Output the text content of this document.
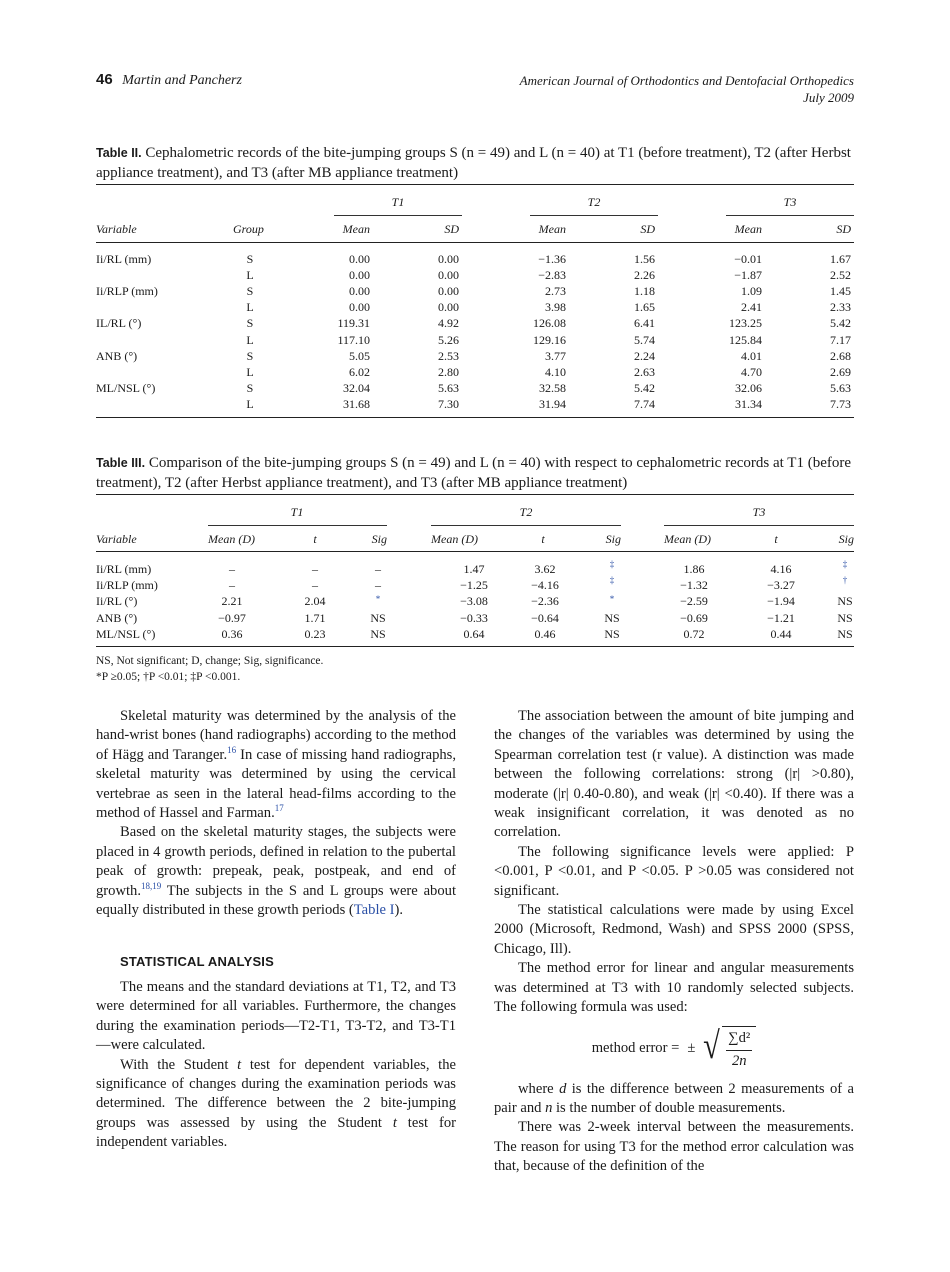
46 Martin and Pancherz	American Journal of Orthodontics and Dentofacial Orthopedics
July 2009
Table II. Cephalometric records of the bite-jumping groups S (n = 49) and L (n = 40) at T1 (before treatment), T2 (after Herbst appliance treatment), and T3 (after MB appliance treatment)
T1	T2	T3
Variable	Group	Mean	SD	Mean	SD	Mean	SD
Ii/RL (mm)	S	0.00	0.00	−1.36	1.56	−0.01	1.67
L	0.00	0.00	−2.83	2.26	−1.87	2.52
Ii/RLP (mm)	S	0.00	0.00	2.73	1.18	1.09	1.45
L	0.00	0.00	3.98	1.65	2.41	2.33
IL/RL (°)	S	119.31	4.92	126.08	6.41	123.25	5.42
L	117.10	5.26	129.16	5.74	125.84	7.17
ANB (°)	S	5.05	2.53	3.77	2.24	4.01	2.68
L	6.02	2.80	4.10	2.63	4.70	2.69
ML/NSL (°)	S	32.04	5.63	32.58	5.42	32.06	5.63
L	31.68	7.30	31.94	7.74	31.34	7.73
Table III. Comparison of the bite-jumping groups S (n = 49) and L (n = 40) with respect to cephalometric records at T1 (before treatment), T2 (after Herbst appliance treatment), and T3 (after MB appliance treatment)
T1	T2	T3
Variable	Mean (D)	t	Sig	Mean (D)	t	Sig	Mean (D)	t	Sig
Ii/RL (mm)	–	–	–	1.47	3.62	‡	1.86	4.16	‡
Ii/RLP (mm)	–	–	–	−1.25	−4.16	‡	−1.32	−3.27	†
Ii/RL (°)	2.21	2.04	*	−3.08	−2.36	*	−2.59	−1.94	NS
ANB (°)	−0.97	1.71	NS	−0.33	−0.64	NS	−0.69	−1.21	NS
ML/NSL (°)	0.36	0.23	NS	0.64	0.46	NS	0.72	0.44	NS
NS, Not significant; D, change; Sig, significance.
*P ≥0.05; †P <0.01; ‡P <0.001.

Skeletal maturity was determined by the analysis of the hand-wrist bones (hand radiographs) according to the method of Hägg and Taranger.$^{16}$ In case of missing hand radiographs, skeletal maturity was determined by using the cervical vertebrae as seen in the lateral head-films according to the method of Hassel and Farman.$^{17}$

Based on the skeletal maturity stages, the subjects were placed in 4 growth periods, defined in relation to the pubertal peak of growth: prepeak, peak, postpeak, and end of growth.$^{18,19}$ The subjects in the S and L groups were about equally distributed in these growth periods (Table I).

STATISTICAL ANALYSIS

The means and the standard deviations at T1, T2, and T3 were determined for all variables. Furthermore, the changes during the examination periods—T2-T1, T3-T2, and T3-T1—were calculated.

With the Student t test for dependent variables, the significance of changes during the examination periods was determined. The difference between the 2 bite-jumping groups was assessed by using the Student t test for independent variables.

The association between the amount of bite jumping and the changes of the variables was determined by using the Spearman correlation test (r value). A distinction was made between the following correlations: strong (|r| >0.80), moderate (|r| 0.40-0.80), and weak (|r| <0.40). If there was a weak insignificant correlation, it was denoted as no correlation.

The following significance levels were applied: P <0.001, P <0.01, and P <0.05. P >0.05 was considered not significant.

The statistical calculations were made by using Excel 2000 (Microsoft, Redmond, Wash) and SPSS 2000 (SPSS, Chicago, Ill).

The method error for linear and angular measurements was determined at T3 with 10 randomly selected subjects. The following formula was used:

method error = ± √ $\frac{\text{∑d²}}{2n}$

where d is the difference between 2 measurements of a pair and n is the number of double measurements.

There was 2-week interval between the measurements. The reason for using T3 for the method error calculation was that, because of the definition of the
